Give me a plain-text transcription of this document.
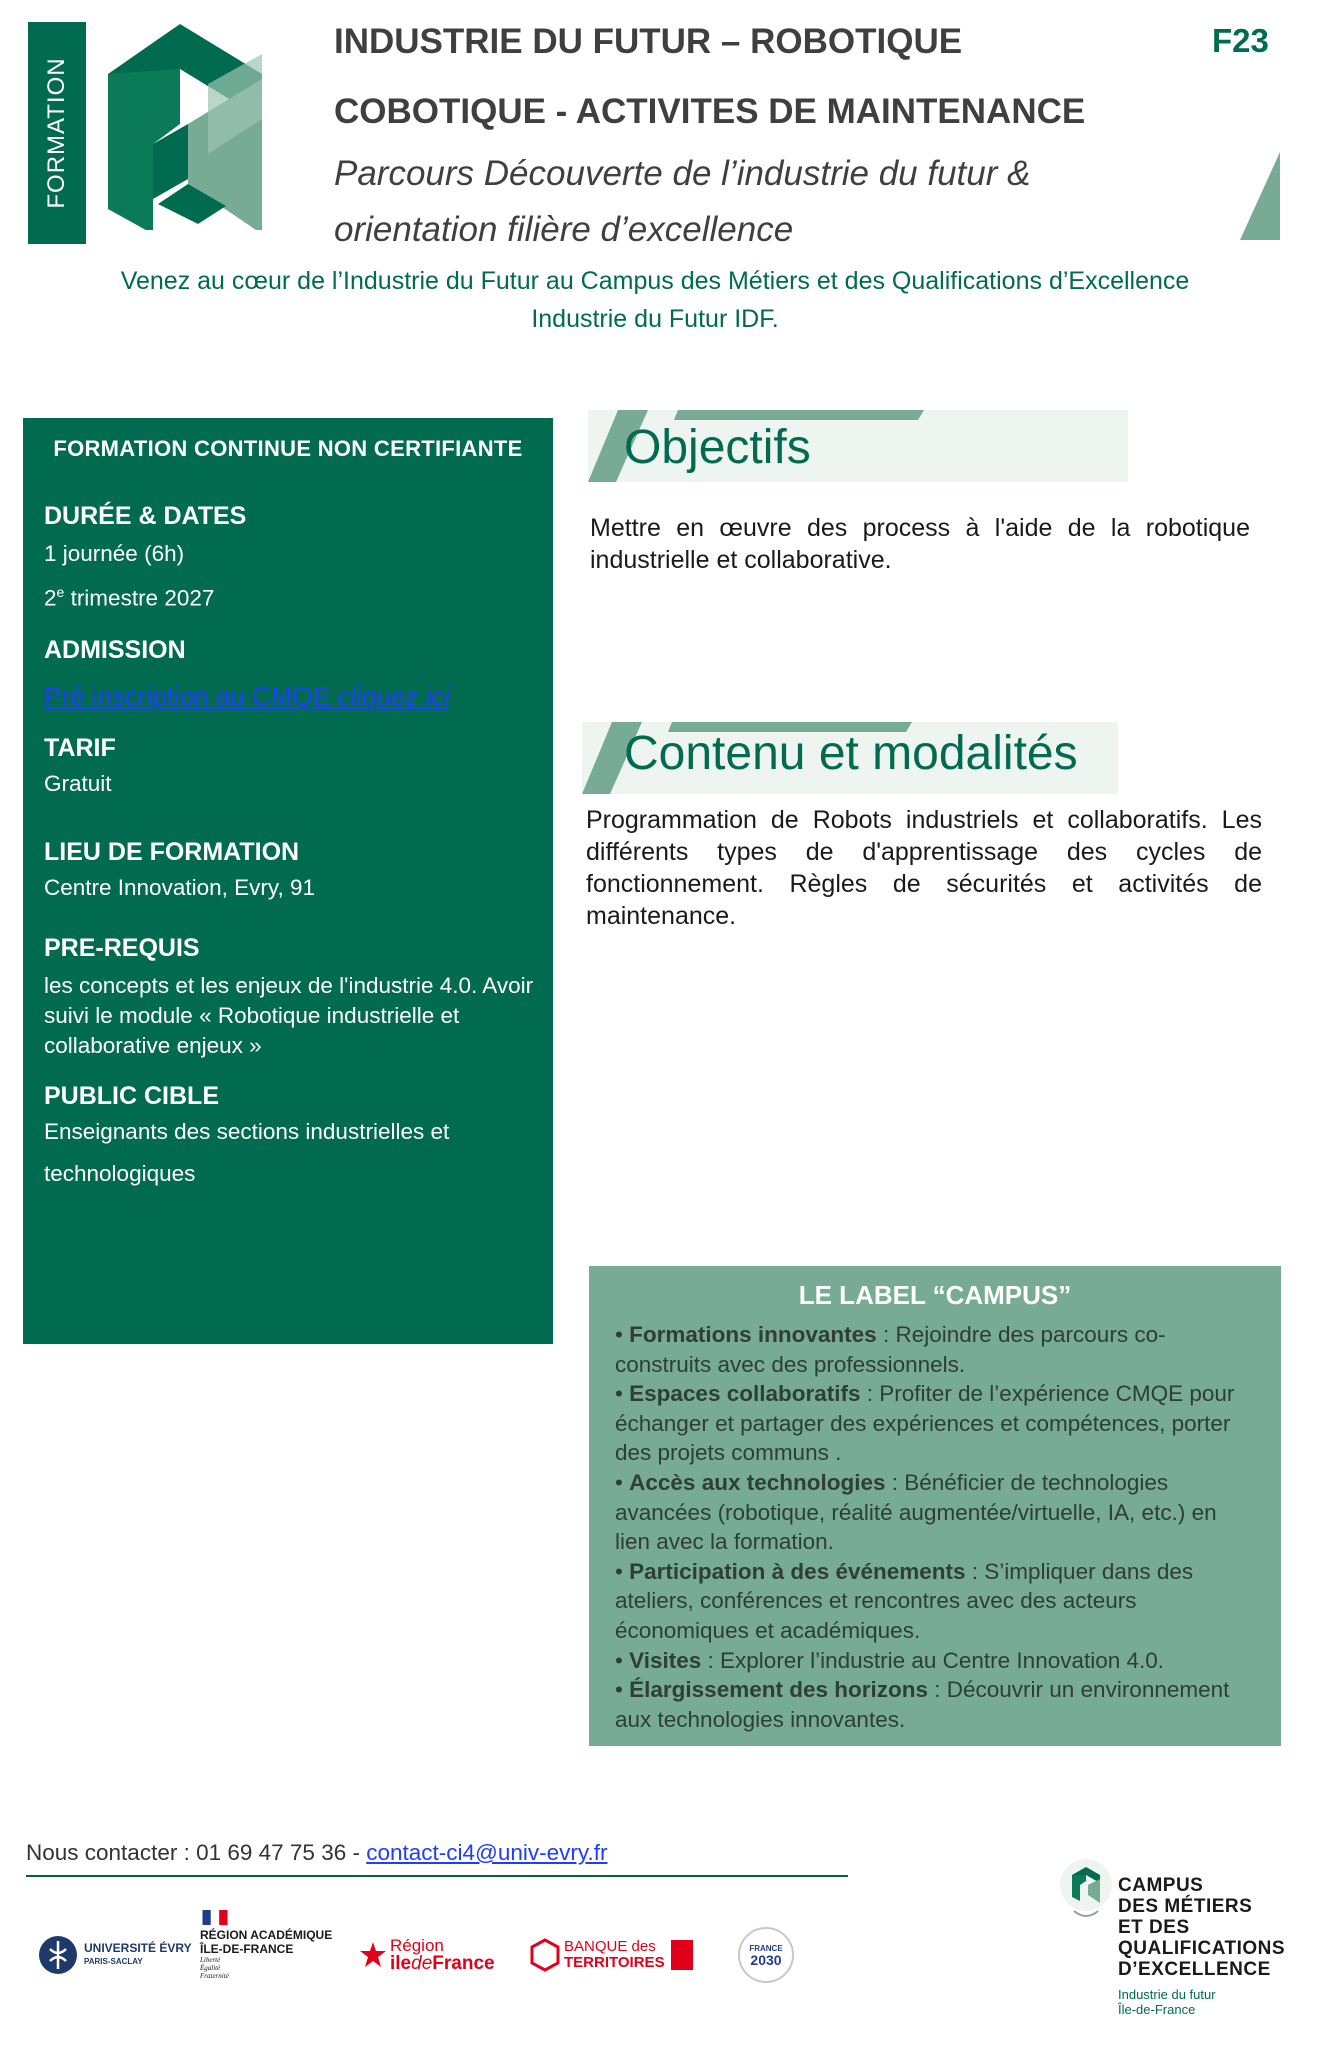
FORMATION
INDUSTRIE DU FUTUR – ROBOTIQUE
COBOTIQUE - ACTIVITES DE MAINTENANCE
F23
Parcours Découverte de l’industrie du futur &
orientation filière d’excellence
Venez au cœur de l’Industrie du Futur au Campus des Métiers et des Qualifications d’Excellence
Industrie du Futur IDF.
FORMATION CONTINUE NON CERTIFIANTE
DURÉE & DATES
1 journée (6h)
2e trimestre 2027
ADMISSION
Pré inscription au CMQE cliquez ici
TARIF
Gratuit
LIEU DE FORMATION
Centre Innovation, Evry, 91
PRE-REQUIS
les concepts et les enjeux de l'industrie 4.0. Avoir suivi le module « Robotique industrielle et collaborative enjeux »
PUBLIC CIBLE
Enseignants des sections industrielles et
technologiques
Objectifs
Mettre en œuvre des process à l'aide de la robotique industrielle et collaborative.
Contenu et modalités
Programmation de Robots industriels et collaboratifs. Les différents types de d'apprentissage des cycles de fonctionnement. Règles de sécurités et activités de maintenance.
LE LABEL “CAMPUS”
• Formations innovantes : Rejoindre des parcours co-construits avec des professionnels.
• Espaces collaboratifs : Profiter de l’expérience CMQE pour échanger et partager des expériences et compétences, porter des projets communs .
• Accès aux technologies : Bénéficier de technologies avancées (robotique, réalité augmentée/virtuelle, IA, etc.) en lien avec la formation.
• Participation à des événements : S’impliquer dans des ateliers, conférences et rencontres avec des acteurs économiques et académiques.
• Visites : Explorer l’industrie au Centre Innovation 4.0.
• Élargissement des horizons : Découvrir un environnement aux technologies innovantes.
Nous contacter : 01 69 47 75 36 - contact-ci4@univ-evry.fr
UNIVERSITÉ ÉVRY
PARIS-SACLAY
RÉGION ACADÉMIQUE
ÎLE-DE-FRANCE
Liberté Égalité Fraternité
Région
iledeFrance
BANQUE des
TERRITOIRES
FRANCE
2030
CAMPUS
DES MÉTIERS
ET DES
QUALIFICATIONS
D’EXCELLENCE
Industrie du futur
Île-de-France
